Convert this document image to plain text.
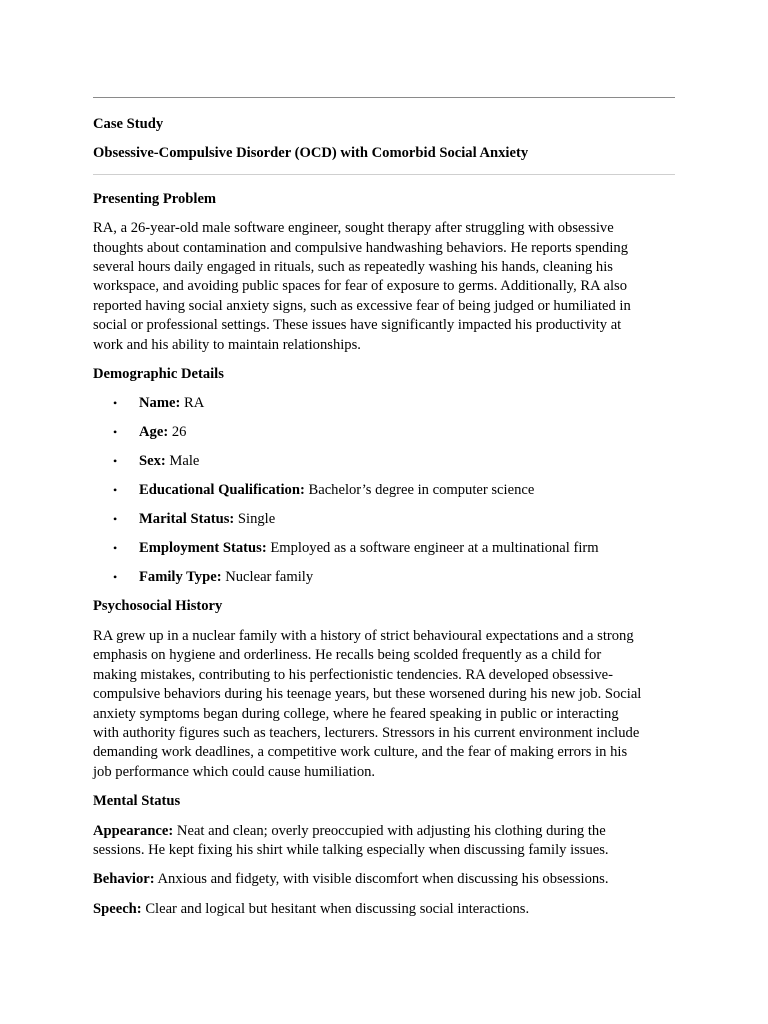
Case Study

Obsessive-Compulsive Disorder (OCD) with Comorbid Social Anxiety

Presenting Problem

RA, a 26-year-old male software engineer, sought therapy after struggling with obsessive
thoughts about contamination and compulsive handwashing behaviors. He reports spending
several hours daily engaged in rituals, such as repeatedly washing his hands, cleaning his
workspace, and avoiding public spaces for fear of exposure to germs. Additionally, RA also
reported having social anxiety signs, such as excessive fear of being judged or humiliated in
social or professional settings. These issues have significantly impacted his productivity at
work and his ability to maintain relationships.

Demographic Details

• Name: RA
• Age: 26
• Sex: Male
• Educational Qualification: Bachelor’s degree in computer science
• Marital Status: Single
• Employment Status: Employed as a software engineer at a multinational firm
• Family Type: Nuclear family

Psychosocial History

RA grew up in a nuclear family with a history of strict behavioural expectations and a strong
emphasis on hygiene and orderliness. He recalls being scolded frequently as a child for
making mistakes, contributing to his perfectionistic tendencies. RA developed obsessive-
compulsive behaviors during his teenage years, but these worsened during his new job. Social
anxiety symptoms began during college, where he feared speaking in public or interacting
with authority figures such as teachers, lecturers. Stressors in his current environment include
demanding work deadlines, a competitive work culture, and the fear of making errors in his
job performance which could cause humiliation.

Mental Status

Appearance: Neat and clean; overly preoccupied with adjusting his clothing during the
sessions. He kept fixing his shirt while talking especially when discussing family issues.

Behavior: Anxious and fidgety, with visible discomfort when discussing his obsessions.

Speech: Clear and logical but hesitant when discussing social interactions.
